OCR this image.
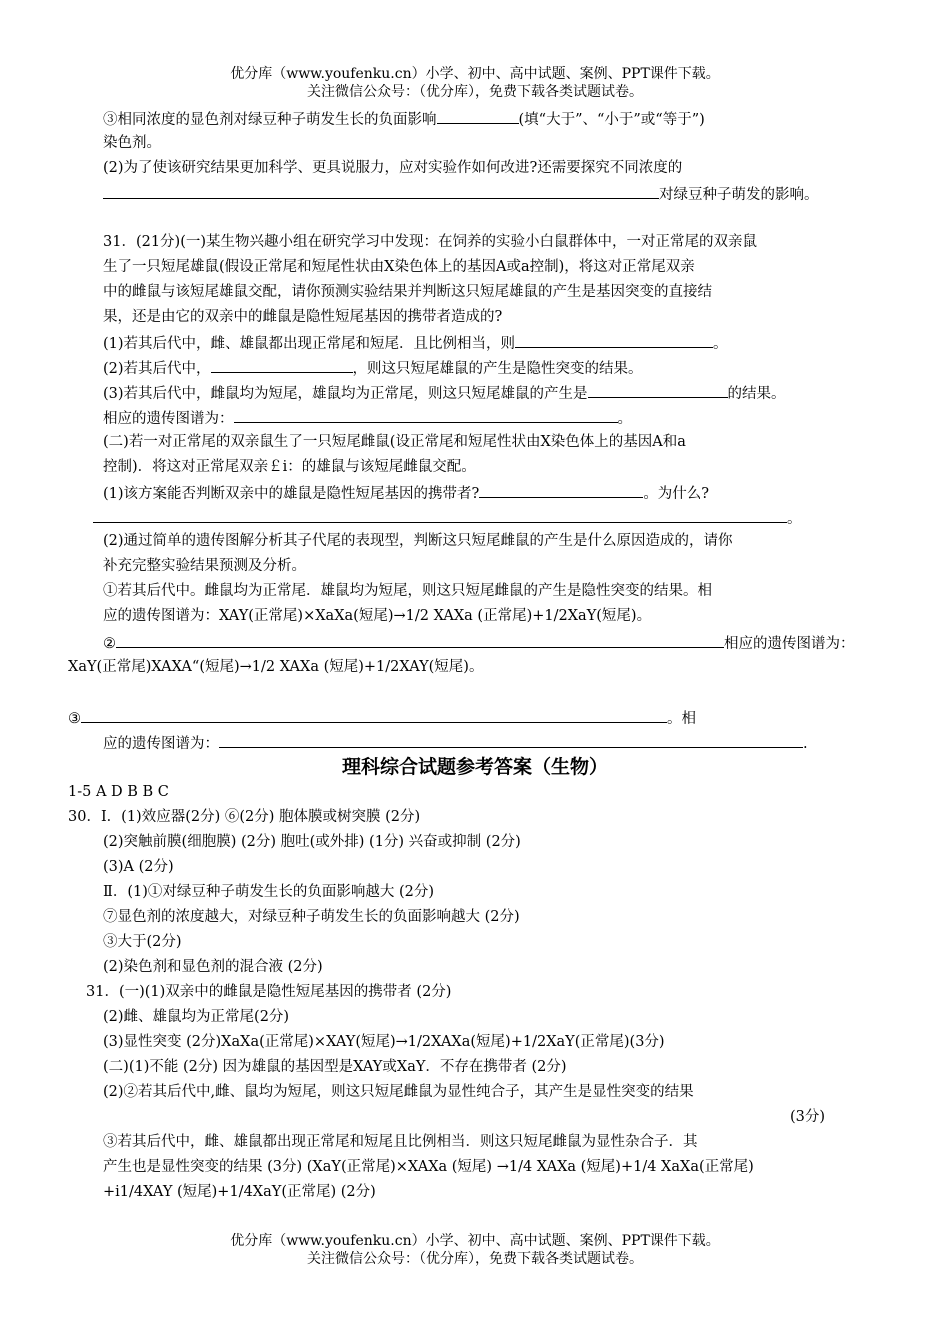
优分库（www.youfenku.cn）小学、初中、高中试题、案例、PPT课件下载。
关注微信公众号：（优分库），免费下载各类试题试卷。
③相同浓度的显色剂对绿豆种子萌发生长的负面影响	(填“大于”、“小于”或“等于”)
染色剂。
(2)为了使该研究结果更加科学、更具说服力，应对实验作如何改进?还需要探究不同浓度的
对绿豆种子萌发的影响。
31．(21分)(一)某生物兴趣小组在研究学习中发现：在饲养的实验小白鼠群体中，一对正常尾的双亲鼠
生了一只短尾雄鼠(假设正常尾和短尾性状由X染色体上的基因A或a控制)，将这对正常尾双亲
中的雌鼠与该短尾雄鼠交配，请你预测实验结果并判断这只短尾雄鼠的产生是基因突变的直接结
果，还是由它的双亲中的雌鼠是隐性短尾基因的携带者造成的?
(1)若其后代中，雌、雄鼠都出现正常尾和短尾．且比例相当，则	。
(2)若其后代中，	，则这只短尾雄鼠的产生是隐性突变的结果。
(3)若其后代中，雌鼠均为短尾，雄鼠均为正常尾，则这只短尾雄鼠的产生是	的结果。
相应的遗传图谱为：	。
(二)若一对正常尾的双亲鼠生了一只短尾雌鼠(设正常尾和短尾性状由X染色体上的基因A和a
控制)．将这对正常尾双亲￡i：的雄鼠与该短尾雌鼠交配。
(1)该方案能否判断双亲中的雄鼠是隐性短尾基因的携带者?	。为什么?
。
(2)通过简单的遗传图解分析其子代尾的表现型，判断这只短尾雌鼠的产生是什么原因造成的，请你
补充完整实验结果预测及分析。
①若其后代中。雌鼠均为正常尾．雄鼠均为短尾，则这只短尾雌鼠的产生是隐性突变的结果。相
应的遗传图谱为：XAY(正常尾)×XaXa(短尾)→1/2 XAXa (正常尾)+1/2XaY(短尾)。
②	相应的遗传图谱为：
XaY(正常尾)XAXA“(短尾)→1/2 XAXa (短尾)+1/2XAY(短尾)。
③	。相
应的遗传图谱为：	.
理科综合试题参考答案（生物）
1-5 A D B B C
30．I．(1)效应器(2分) ⑥(2分) 胞体膜或树突膜 (2分)
(2)突触前膜(细胞膜) (2分) 胞吐(或外排) (1分) 兴奋或抑制 (2分)
(3)A (2分)
Ⅱ．(1)①对绿豆种子萌发生长的负面影响越大 (2分)
⑦显色剂的浓度越大，对绿豆种子萌发生长的负面影响越大 (2分)
③大于(2分)
(2)染色剂和显色剂的混合液 (2分)
31．(一)(1)双亲中的雌鼠是隐性短尾基因的携带者 (2分)
(2)雌、雄鼠均为正常尾(2分)
(3)显性突变 (2分)XaXa(正常尾)×XAY(短尾)→1/2XAXa(短尾)+1/2XaY(正常尾)(3分)
(二)(1)不能 (2分) 因为雄鼠的基因型是XAY或XaY．不存在携带者 (2分)
(2)②若其后代中,雌、鼠均为短尾，则这只短尾雌鼠为显性纯合子，其产生是显性突变的结果
(3分)
③若其后代中，雌、雄鼠都出现正常尾和短尾且比例相当．则这只短尾雌鼠为显性杂合子．其
产生也是显性突变的结果 (3分) (XaY(正常尾)×XAXa (短尾) →1/4 XAXa (短尾)+1/4 XaXa(正常尾)
+i1/4XAY (短尾)+1/4XaY(正常尾) (2分)
优分库（www.youfenku.cn）小学、初中、高中试题、案例、PPT课件下载。
关注微信公众号：（优分库），免费下载各类试题试卷。
